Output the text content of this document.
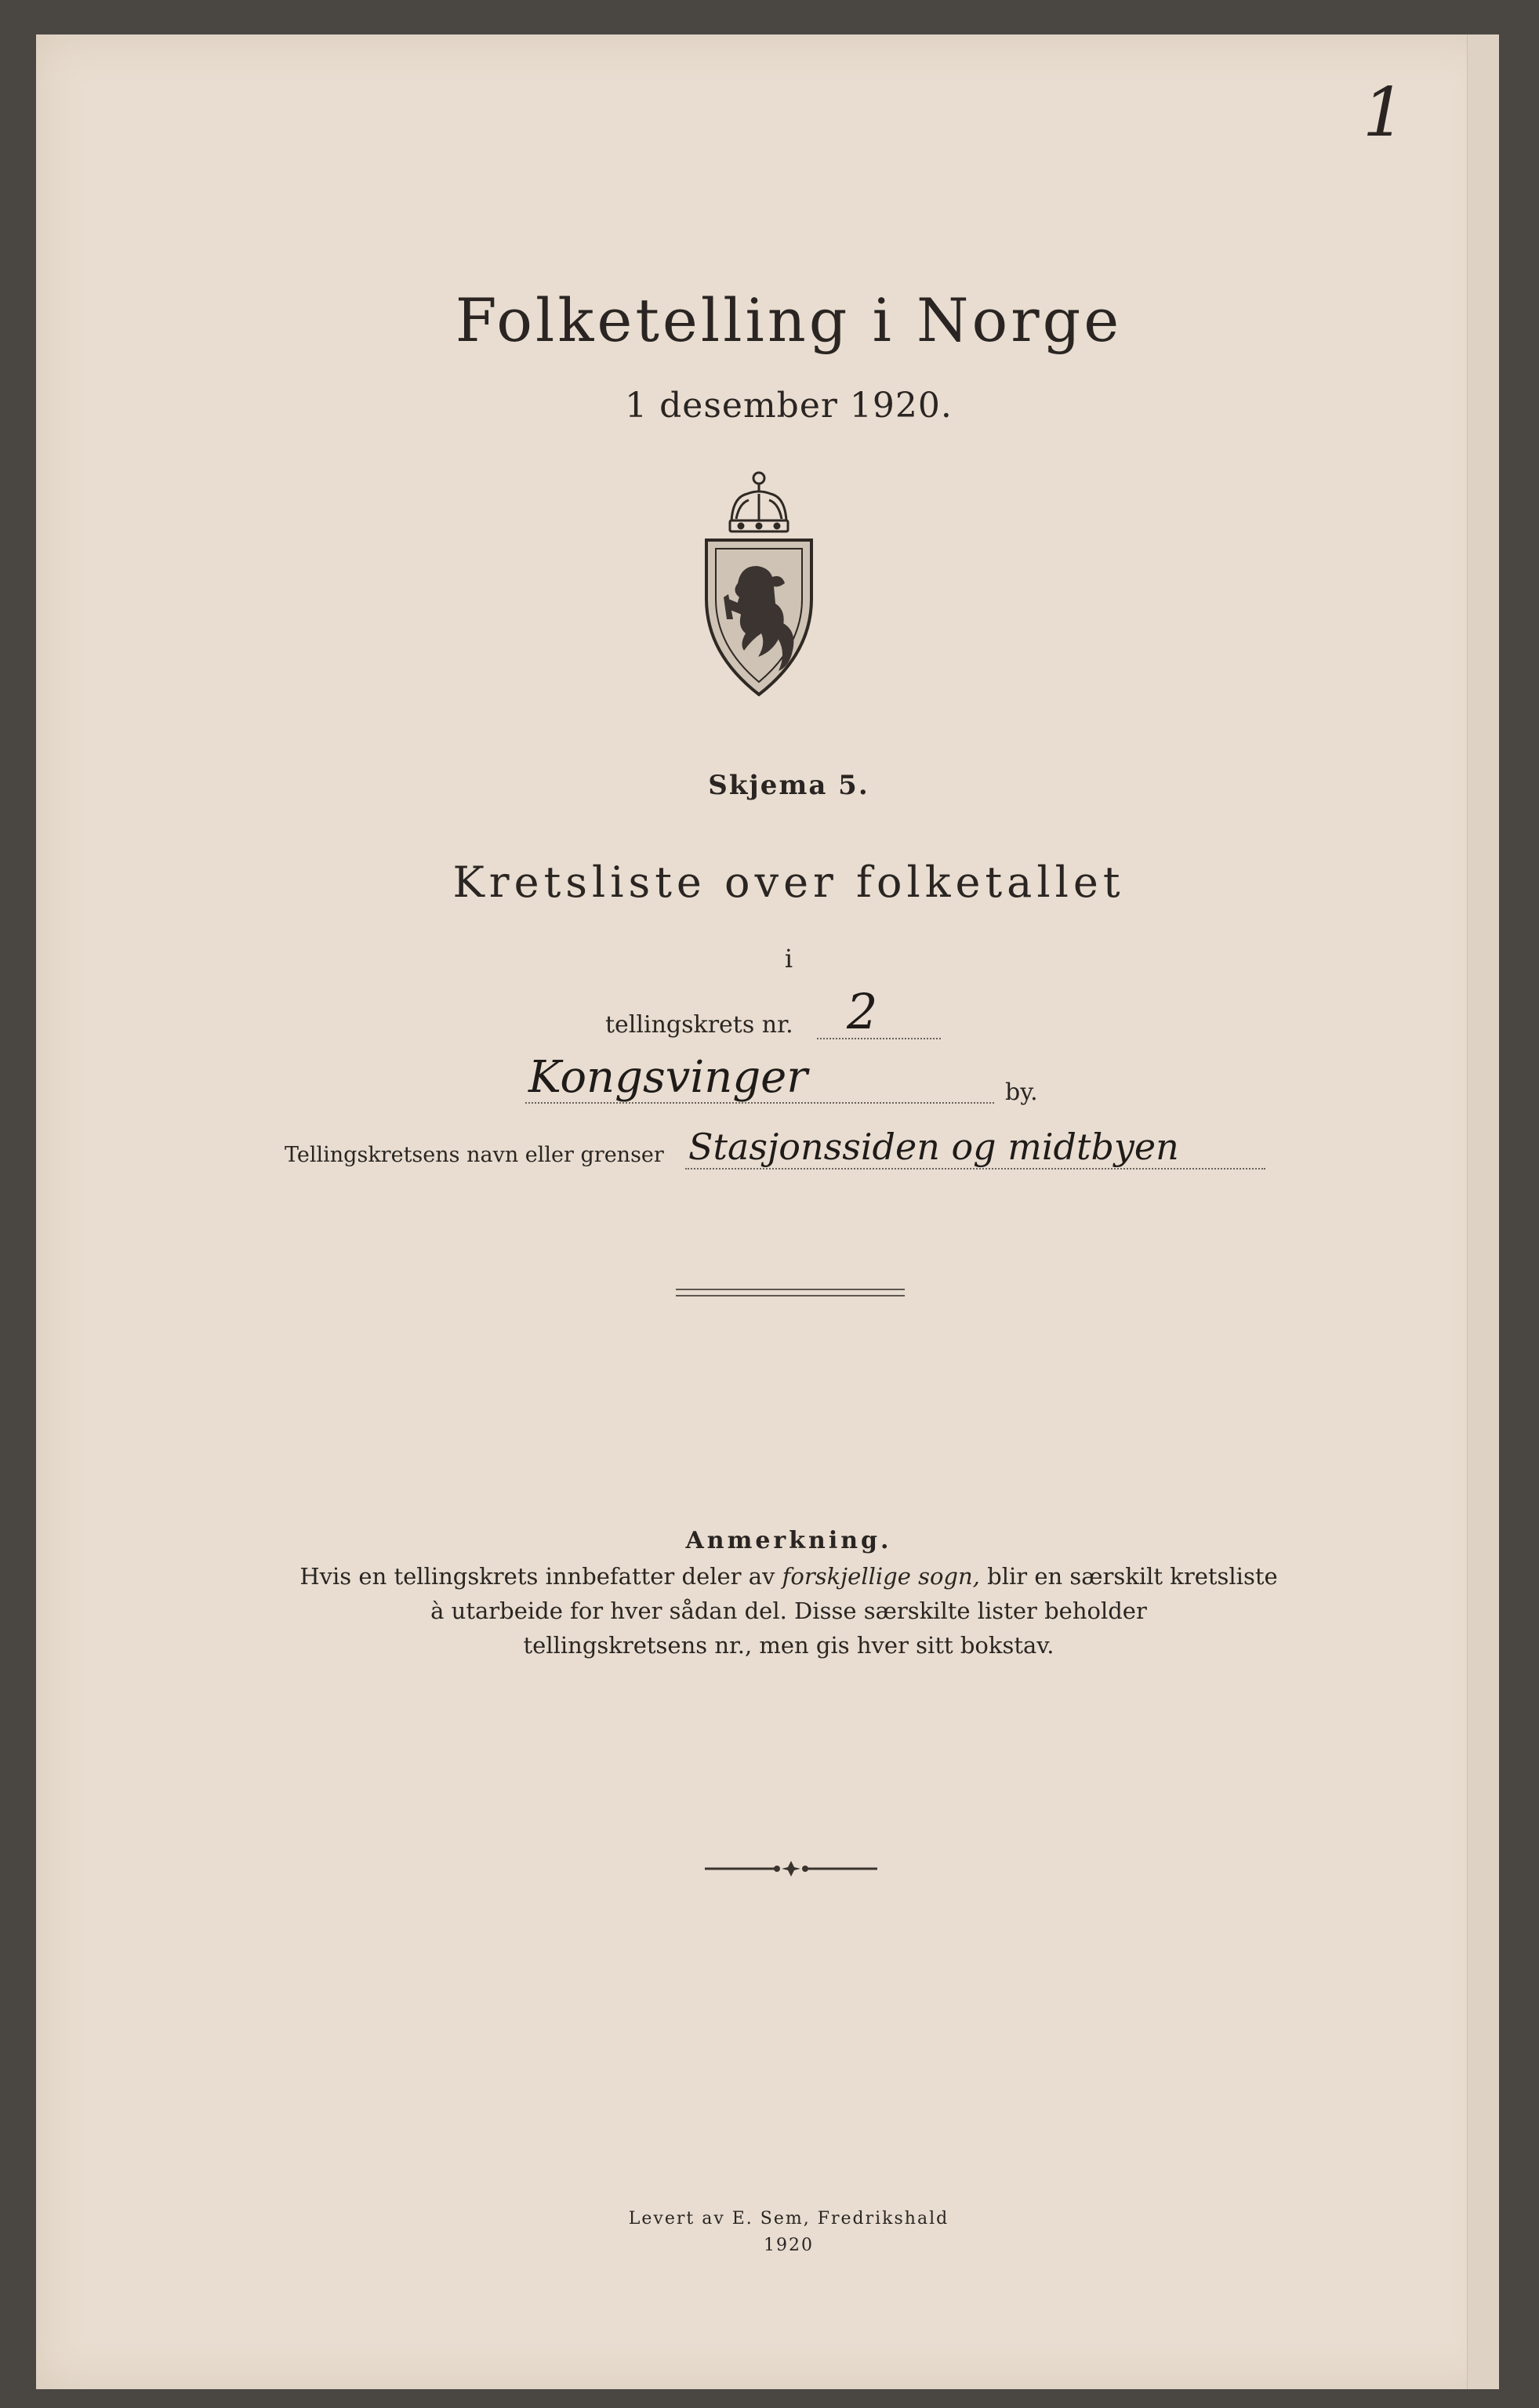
1
Folketelling i Norge
1 desember 1920.
Skjema 5.
Kretsliste over folketallet
i
tellingskrets nr. 2
Kongsvinger	by.
Tellingskretsens navn eller grenser Stasjonssiden og midtbyen
Anmerkning.
Hvis en tellingskrets innbefatter deler av forskjellige sogn, blir en særskilt kretsliste
à utarbeide for hver sådan del. Disse særskilte lister beholder
tellingskretsens nr., men gis hver sitt bokstav.
Levert av E. Sem, Fredrikshald
1920
